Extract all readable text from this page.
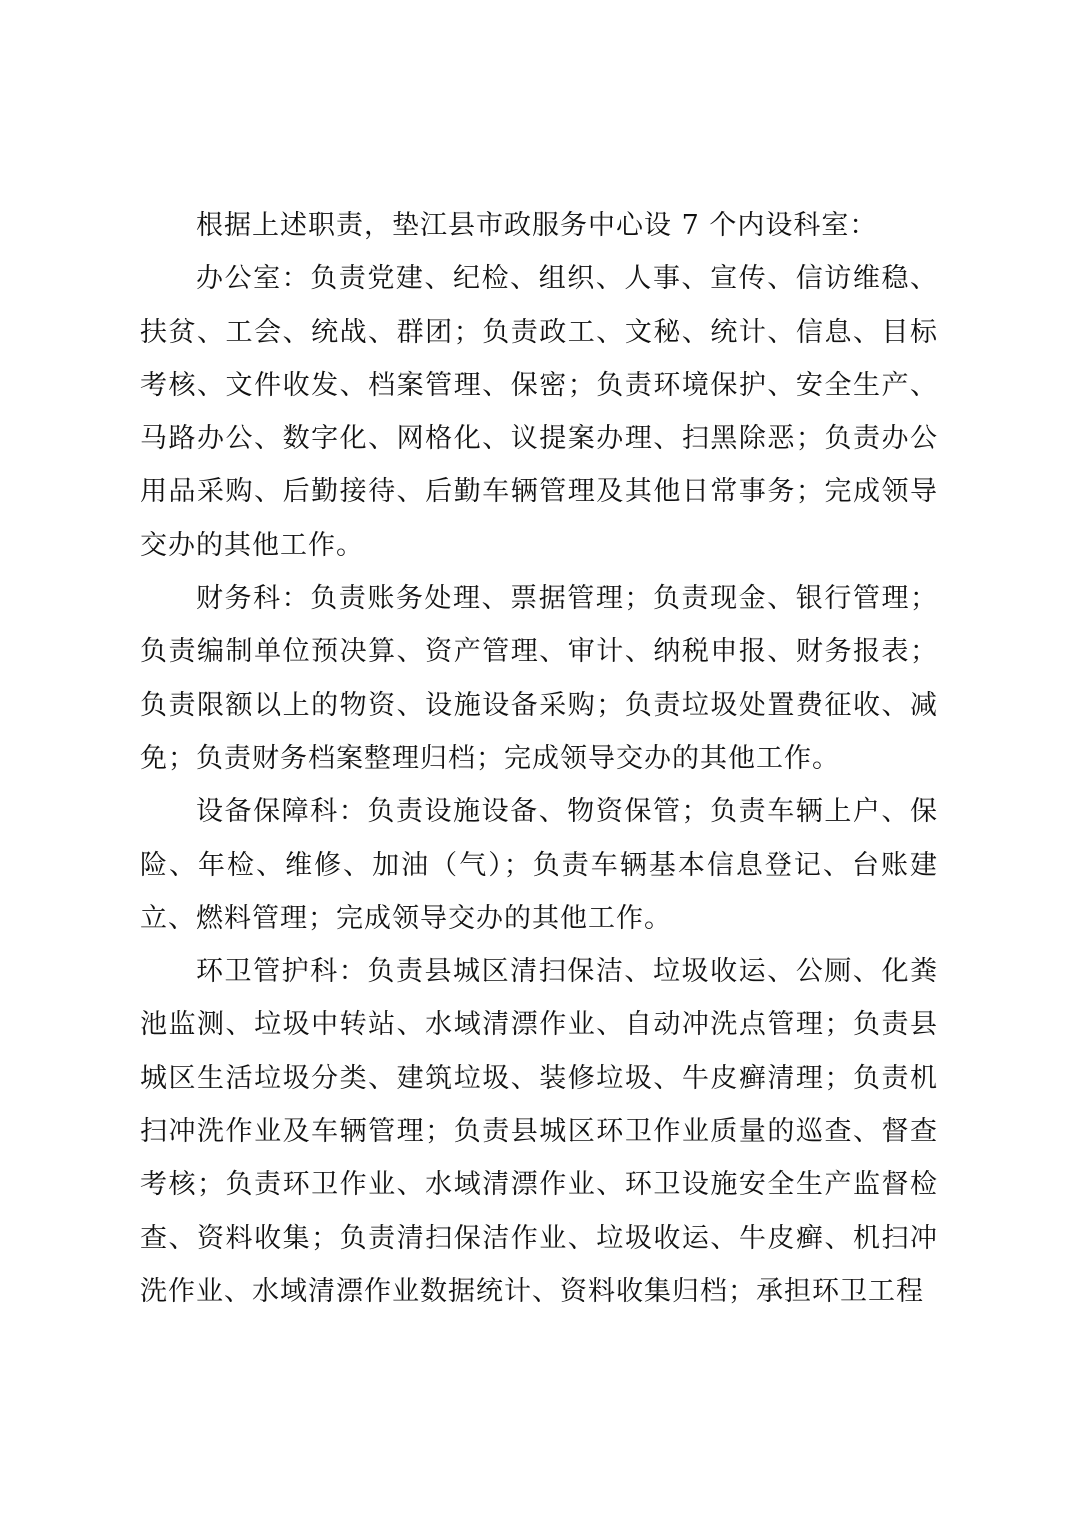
根据上述职责，垫江县市政服务中心设 7 个内设科室：

办公室：负责党建、纪检、组织、人事、宣传、信访维稳、扶贫、工会、统战、群团；负责政工、文秘、统计、信息、目标考核、文件收发、档案管理、保密；负责环境保护、安全生产、马路办公、数字化、网格化、议提案办理、扫黑除恶；负责办公用品采购、后勤接待、后勤车辆管理及其他日常事务；完成领导交办的其他工作。

财务科：负责账务处理、票据管理；负责现金、银行管理；负责编制单位预决算、资产管理、审计、纳税申报、财务报表；负责限额以上的物资、设施设备采购；负责垃圾处置费征收、减免；负责财务档案整理归档；完成领导交办的其他工作。

设备保障科：负责设施设备、物资保管；负责车辆上户、保险、年检、维修、加油（气）；负责车辆基本信息登记、台账建立、燃料管理；完成领导交办的其他工作。

环卫管护科：负责县城区清扫保洁、垃圾收运、公厕、化粪池监测、垃圾中转站、水域清漂作业、自动冲洗点管理；负责县城区生活垃圾分类、建筑垃圾、装修垃圾、牛皮癣清理；负责机扫冲洗作业及车辆管理；负责县城区环卫作业质量的巡查、督查考核；负责环卫作业、水域清漂作业、环卫设施安全生产监督检查、资料收集；负责清扫保洁作业、垃圾收运、牛皮癣、机扫冲洗作业、水域清漂作业数据统计、资料收集归档；承担环卫工程
